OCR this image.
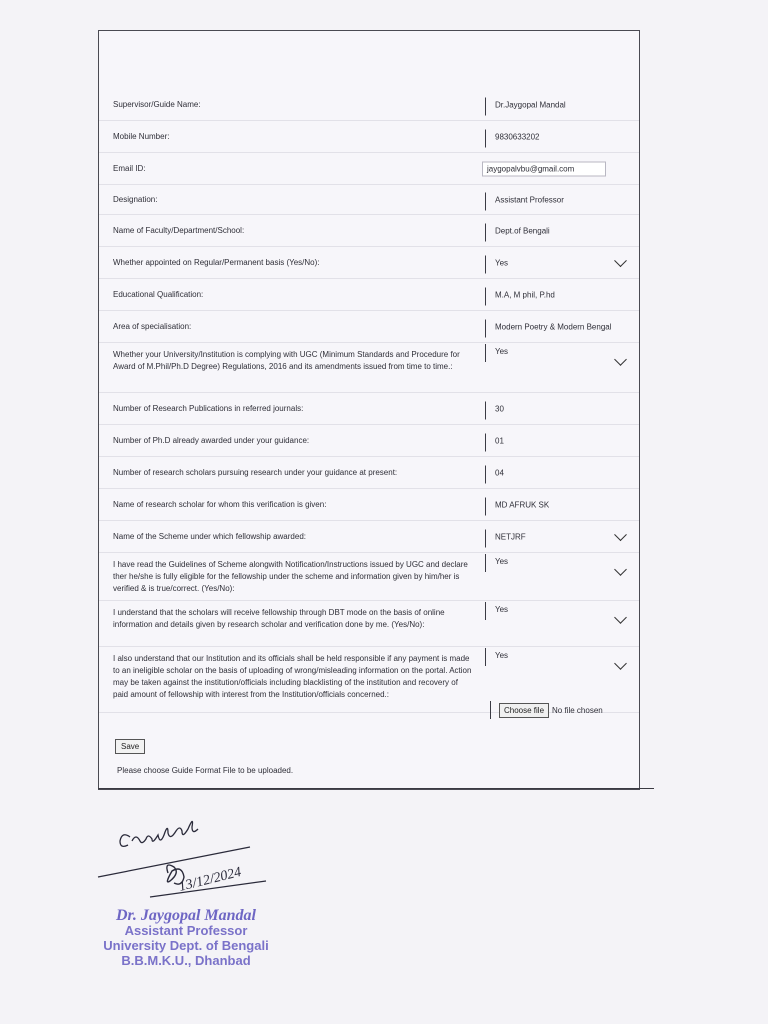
Supervisor/Guide Name:	Dr.Jaygopal Mandal
Mobile Number:	9830633202
Email ID:	jaygopalvbu@gmail.com
Designation:	Assistant Professor
Name of Faculty/Department/School:	Dept.of Bengali
Whether appointed on Regular/Permanent basis (Yes/No):	Yes
Educational Qualification:	M.A, M phil, P.hd
Area of specialisation:	Modern Poetry & Modern Bengal
Whether your University/Institution is complying with UGC (Minimum Standards and Procedure for Award of M.Phil/Ph.D Degree) Regulations, 2016 and its amendments issued from time to time.:
Yes
Number of Research Publications in referred journals:	30
Number of Ph.D already awarded under your guidance:	01
Number of research scholars pursuing research under your guidance at present:	04
Name of research scholar for whom this verification is given:	MD AFRUK SK
Name of the Scheme under which fellowship awarded:	NETJRF
I have read the Guidelines of Scheme alongwith Notification/Instructions issued by UGC and declare ther he/she is fully eligible for the fellowship under the scheme and information given by him/her is verified & is true/correct. (Yes/No):
Yes
I understand that the scholars will receive fellowship through DBT mode on the basis of online information and details given by research scholar and verification done by me. (Yes/No):
Yes
I also understand that our Institution and its officials shall be held responsible if any payment is made to an ineligible scholar on the basis of uploading of wrong/misleading information on the portal. Action may be taken against the institution/officials including blacklisting of the institution and recovery of paid amount of fellowship with interest from the Institution/officials concerned.:
Yes
Choose file No file chosen
Save
Please choose Guide Format File to be uploaded.
13/12/2024
Dr. Jaygopal Mandal
Assistant Professor
University Dept. of Bengali
B.B.M.K.U., Dhanbad
